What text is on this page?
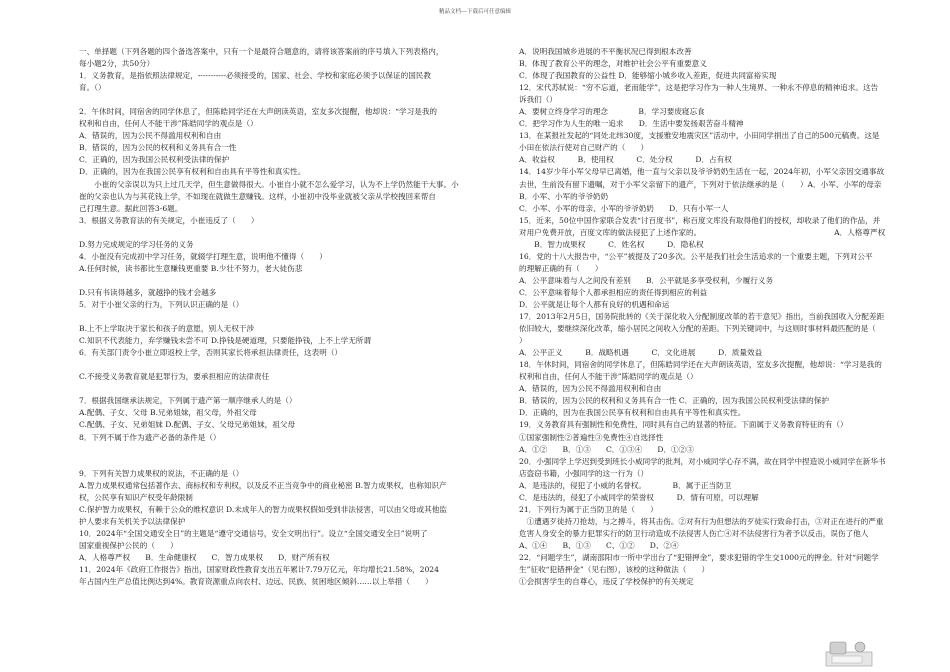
精品文档---下载后可任意编辑
一、单择题（下列各题的四个备选答案中，只有一个是最符合题意的，请将该答案前的序号填入下列表格内，
每小题2分，共50分）
1．义务教育，是指依照法律规定，-----------必须接受的，国家、社会、学校和家庭必须予以保证的国民教
育。（）
2．午休时间，同宿舍的同学休息了，但陈皓同学还在大声朗读英语，室友多次提醒，他却说：“学习是我的
权利和自由，任何人不能干涉”陈皓同学的观点是（）
A．错误的，因为公民不得滥用权利和自由
B．错误的，因为公民的权利和义务具有合一性
C．正确的，因为我国公民权利受法律的保护
D．正确的，因为在我国公民享有权利和自由具有平等性和真实性。
　　小崔的父亲误以为只上过几天学，但生意做得很大。小崔自小就不怎么爱学习，认为不上学仍然能干大事。小
崔的父亲也认为与其花钱上学，不如现在就做生意赚钱。这样，小崔初中没毕业就被父亲从学校拽回来帮自
己打理生意。据此回答3-6题。
3．根据义务教育法的有关规定，小崔违反了（　　）
D.努力完成规定的学习任务的义务
4．小崔没有完成初中学习任务，就辍学打理生意，说明他不懂得（　　）
A.任何时候，读书都比生意赚钱更重要 B.少壮不努力，老大徒伤悲
D.只有书读得越多，就越挣的钱才会越多
5．对于小崔父亲的行为，下列认识正确的是（）
B.上不上学取决于家长和孩子的意愿，别人无权干涉
C.知识不代表能力，弃学赚钱未尝不可 D.挣钱是硬道理，只要能挣钱，上不上学无所谓
6．有关部门责令小崔立即返校上学，否则其家长将承担法律责任，这表明（）
C.不接受义务教育就是犯罪行为，要承担相应的法律责任
7．根据我国继承法规定，下列属于遗产第一顺序继承人的是（）
A.配偶、子女、父母 B.兄弟姐妹，祖父母，外祖父母
C.配偶、子女、兄弟姐妹 D.配偶、子女、父母兄弟姐妹，祖父母
8．下列不属于作为遗产必备的条件是（）
9．下列有关智力成果权的说法，不正确的是（）
A.智力成果权通常包括著作去、商标权和专利权，以及反不正当竞争中的商业秘密 B.智力成果权，也称知识产
权，公民享有知识产权受年龄限制
C.保护智力成果权，有赖于公众的维权意识 D.未成年人的智力成果权假如受到非法侵害，可以由父母或其他监
护人要求有关机关予以法律保护
10．2024年“全国交通安全日”的主题是“遵守交通信号，安全文明出行”。设立“全国交通安全日”说明了
国家重视保护公民的（　　）
A．人格尊严权　　B．生命健康权　　C．智力成果权　　D．财产所有权
11．2024年《政府工作报告》指出，国家财政性教育支出五年累计7.79万亿元，年均增长21.58%，2024
年占国内生产总值比例达到4%。教育资源重点向农村、边远、民族、贫困地区倾斜……以上举措（　　）
A．说明我国城乡进展的不平衡状况已得到根本改善
B．体现了教育公平的理念，对维护社会公平有重要意义
C．体现了我国教育的公益性 D．能够缩小城乡收入差距，促进共同富裕实现
12．宋代苏轼说：“穷不忘道，老而能学”，这是把学习作为一种人生境界、一种永不停息的精神追求。这告
诉我们（）
A．要树立终身学习的理念　　　　B．学习要废寝忘食
C．把学习作为人生的唯一追求　　D．生活中要发扬艰苦奋斗精神
13．在某报社发起的“同处北纬30度，支援雅安地震灾区”活动中，小田同学捐出了自己的500元稿费。这是
小田在依法行使对自己财产的（　　）
A．收益权　　　B．使用权　　　C．处分权　　　D．占有权
14．14岁少年小军父母早已离婚，他一直与父亲以及爷爷奶奶生活在一起，2024年初，小军父亲因交通事故
去世，生前没有留下遗嘱，对于小军父亲留下的遗产，下列对于依法继承的是（　　）A．小军、小军的母亲
B．小军、小军的爷爷奶奶
C．小军、小军的母亲、小军的爷爷奶奶　　D．只有小军一人
15．近来，50位中国作家联合发表“讨百度书”，称百度文库没有取得他们的授权，却收录了他们的作品，并
对用户免费开放，百度文库的做法侵犯了上述作家的。　　　　　　　　　　　　　　　　　　A．人格尊严权
　　B．智力成果权　　　C．姓名权　　　D．隐私权
16．党的十八大报告中，“公平”被提及了20多次。公平是我们社会生活追求的一个重要主题，下列对公平
的理解正确的有（　　）
A．公平意味着与人之间没有差别　　B．公平就是多享受权利，少履行义务
C．公平意味着每个人都承担相应的责任得到相应的利益
D．公平就是让每个人都有良好的机遇和命运
17．2013年2月5日，国务院批转的《关于深化收入分配制度改革的若干意见》指出，当前我国收入分配差距
依旧较大，要继续深化改革，缩小居民之间收入分配的差距。下列关键词中，与这则时事材料最匹配的是（
）
A．公平正义　　　B．战略机遇　　　C．文化进展　　　D．质量效益
18．午休时间，同宿舍的同学休息了，但陈皓同学还在大声朗读英语，室友多次提醒，他却说：“学习是我的
权利和自由，任何人不能干涉”陈皓同学的观点是（）
A．错误的，因为公民不得滥用权利和自由
B．错误的，因为公民的权利和义务具有合一性 C．正确的，因为我国公民权利受法律的保护
D．正确的，因为在我国公民享有权利和自由具有平等性和真实性。
19．义务教育具有强制性和免费性，同时具有自己的显著的特征。下面属于义务教育特征的有（）
①国家强制性②普遍性③免费性④自选择性
A．①②　　B．①③　　C．①③④　　D．①②③
20．小强同学上学迟到受到班长小威同学的批判，对小威同学心存不满，故在同学中捏造说小威同学在新华书
店盗窃书籍，小强同学的这一行为（）
A．是违法的，侵犯了小威的名誉权。　　　　B．属于正当防卫
C．是违法的，侵犯了小威同学的荣誉权　　　D．情有可原，可以理解
21．下列行为属于正当防卫的是（　　）
　①遭遇歹徒持刀抢劫，与之搏斗，将其击伤。②对有行为但想法的歹徒实行致命打击，③对正在进行的严重
危害人身安全的暴力犯罪实行的防卫行动造成不法侵害人伤亡④对不法侵害行为者予以反击，误伤了他人
A、①④　　B、①③　　C、①②　　D、②④
22．“问题学生”，湖南邵阳市一所中学出台了“犯错押金”，要求犯错的学生交1000元的押金。针对“问题学
生”征收“犯错押金”（见右图），该校的这种做法（　　）
①会损害学生的自尊心，违反了学校保护的有关规定
